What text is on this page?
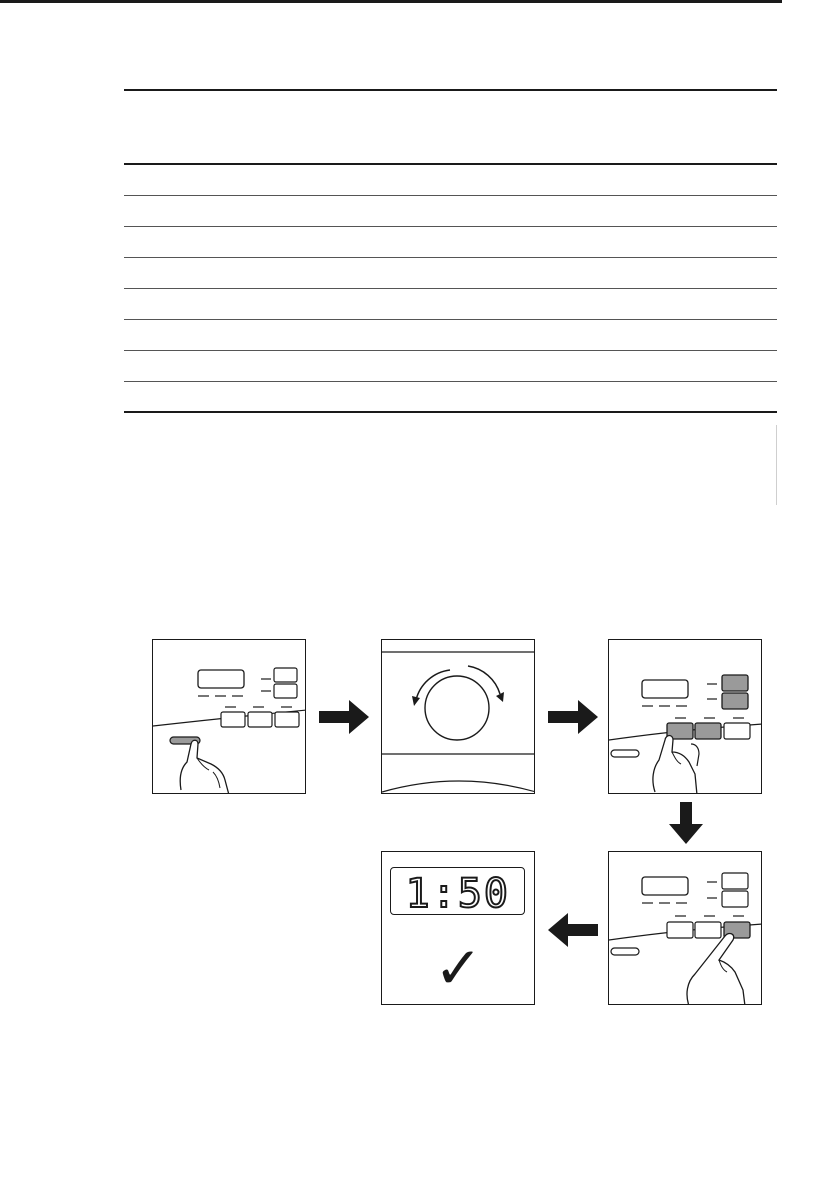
1:50
✓
